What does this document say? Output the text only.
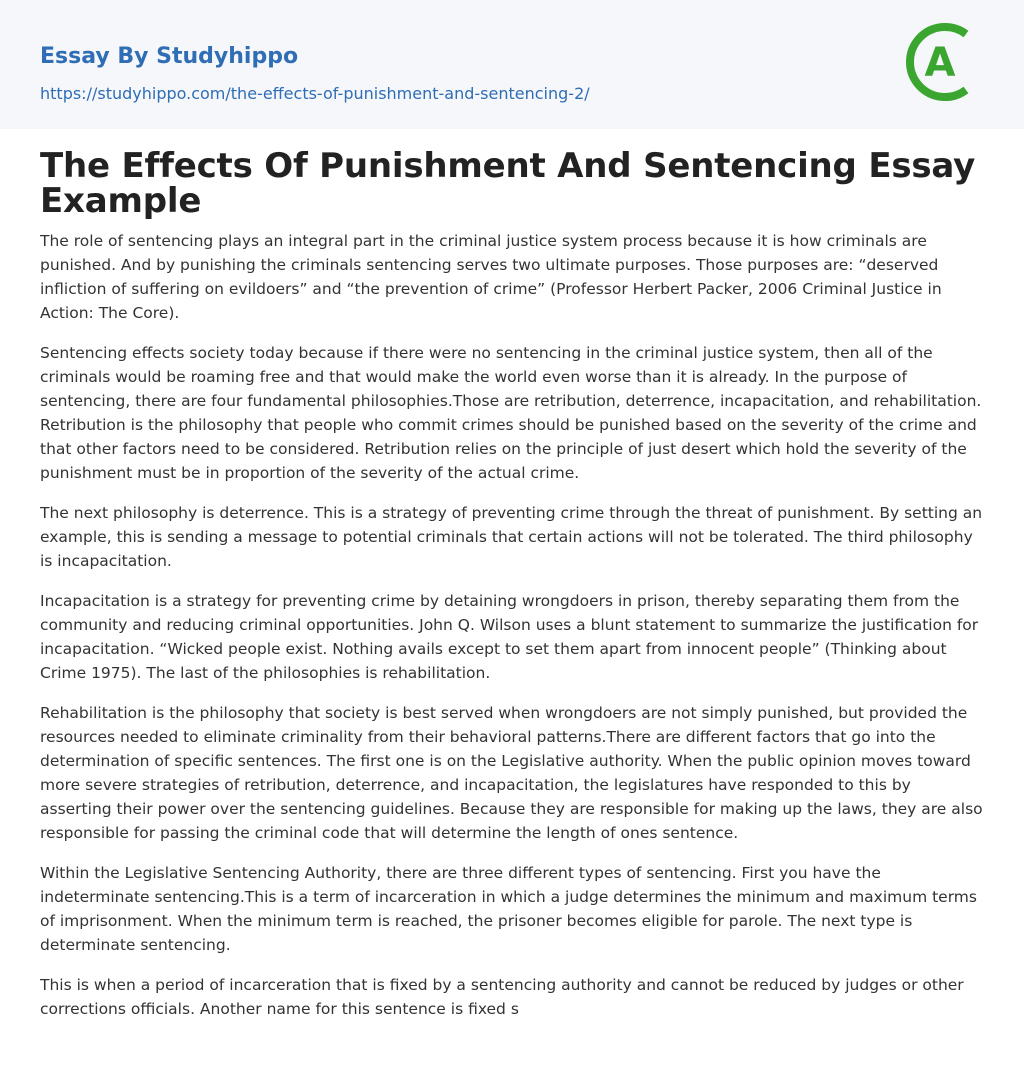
Essay By Studyhippo
https://studyhippo.com/the-effects-of-punishment-and-sentencing-2/
A
The Effects Of Punishment And Sentencing Essay Example

The role of sentencing plays an integral part in the criminal justice system process because it is how criminals are punished. And by punishing the criminals sentencing serves two ultimate purposes. Those purposes are: “deserved infliction of suffering on evildoers” and “the prevention of crime” (Professor Herbert Packer, 2006 Criminal Justice in Action: The Core).

Sentencing effects society today because if there were no sentencing in the criminal justice system, then all of the criminals would be roaming free and that would make the world even worse than it is already. In the purpose of sentencing, there are four fundamental philosophies.Those are retribution, deterrence, incapacitation, and rehabilitation. Retribution is the philosophy that people who commit crimes should be punished based on the severity of the crime and that other factors need to be considered. Retribution relies on the principle of just desert which hold the severity of the punishment must be in proportion of the severity of the actual crime.

The next philosophy is deterrence. This is a strategy of preventing crime through the threat of punishment. By setting an example, this is sending a message to potential criminals that certain actions will not be tolerated. The third philosophy is incapacitation.

Incapacitation is a strategy for preventing crime by detaining wrongdoers in prison, thereby separating them from the community and reducing criminal opportunities. John Q. Wilson uses a blunt statement to summarize the justification for incapacitation. “Wicked people exist. Nothing avails except to set them apart from innocent people” (Thinking about Crime 1975). The last of the philosophies is rehabilitation.

Rehabilitation is the philosophy that society is best served when wrongdoers are not simply punished, but provided the resources needed to eliminate criminality from their behavioral patterns.There are different factors that go into the determination of specific sentences. The first one is on the Legislative authority. When the public opinion moves toward more severe strategies of retribution, deterrence, and incapacitation, the legislatures have responded to this by asserting their power over the sentencing guidelines. Because they are responsible for making up the laws, they are also responsible for passing the criminal code that will determine the length of ones sentence.

Within the Legislative Sentencing Authority, there are three different types of sentencing. First you have the indeterminate sentencing.This is a term of incarceration in which a judge determines the minimum and maximum terms of imprisonment. When the minimum term is reached, the prisoner becomes eligible for parole. The next type is determinate sentencing.

This is when a period of incarceration that is fixed by a sentencing authority and cannot be reduced by judges or other corrections officials. Another name for this sentence is fixed s
